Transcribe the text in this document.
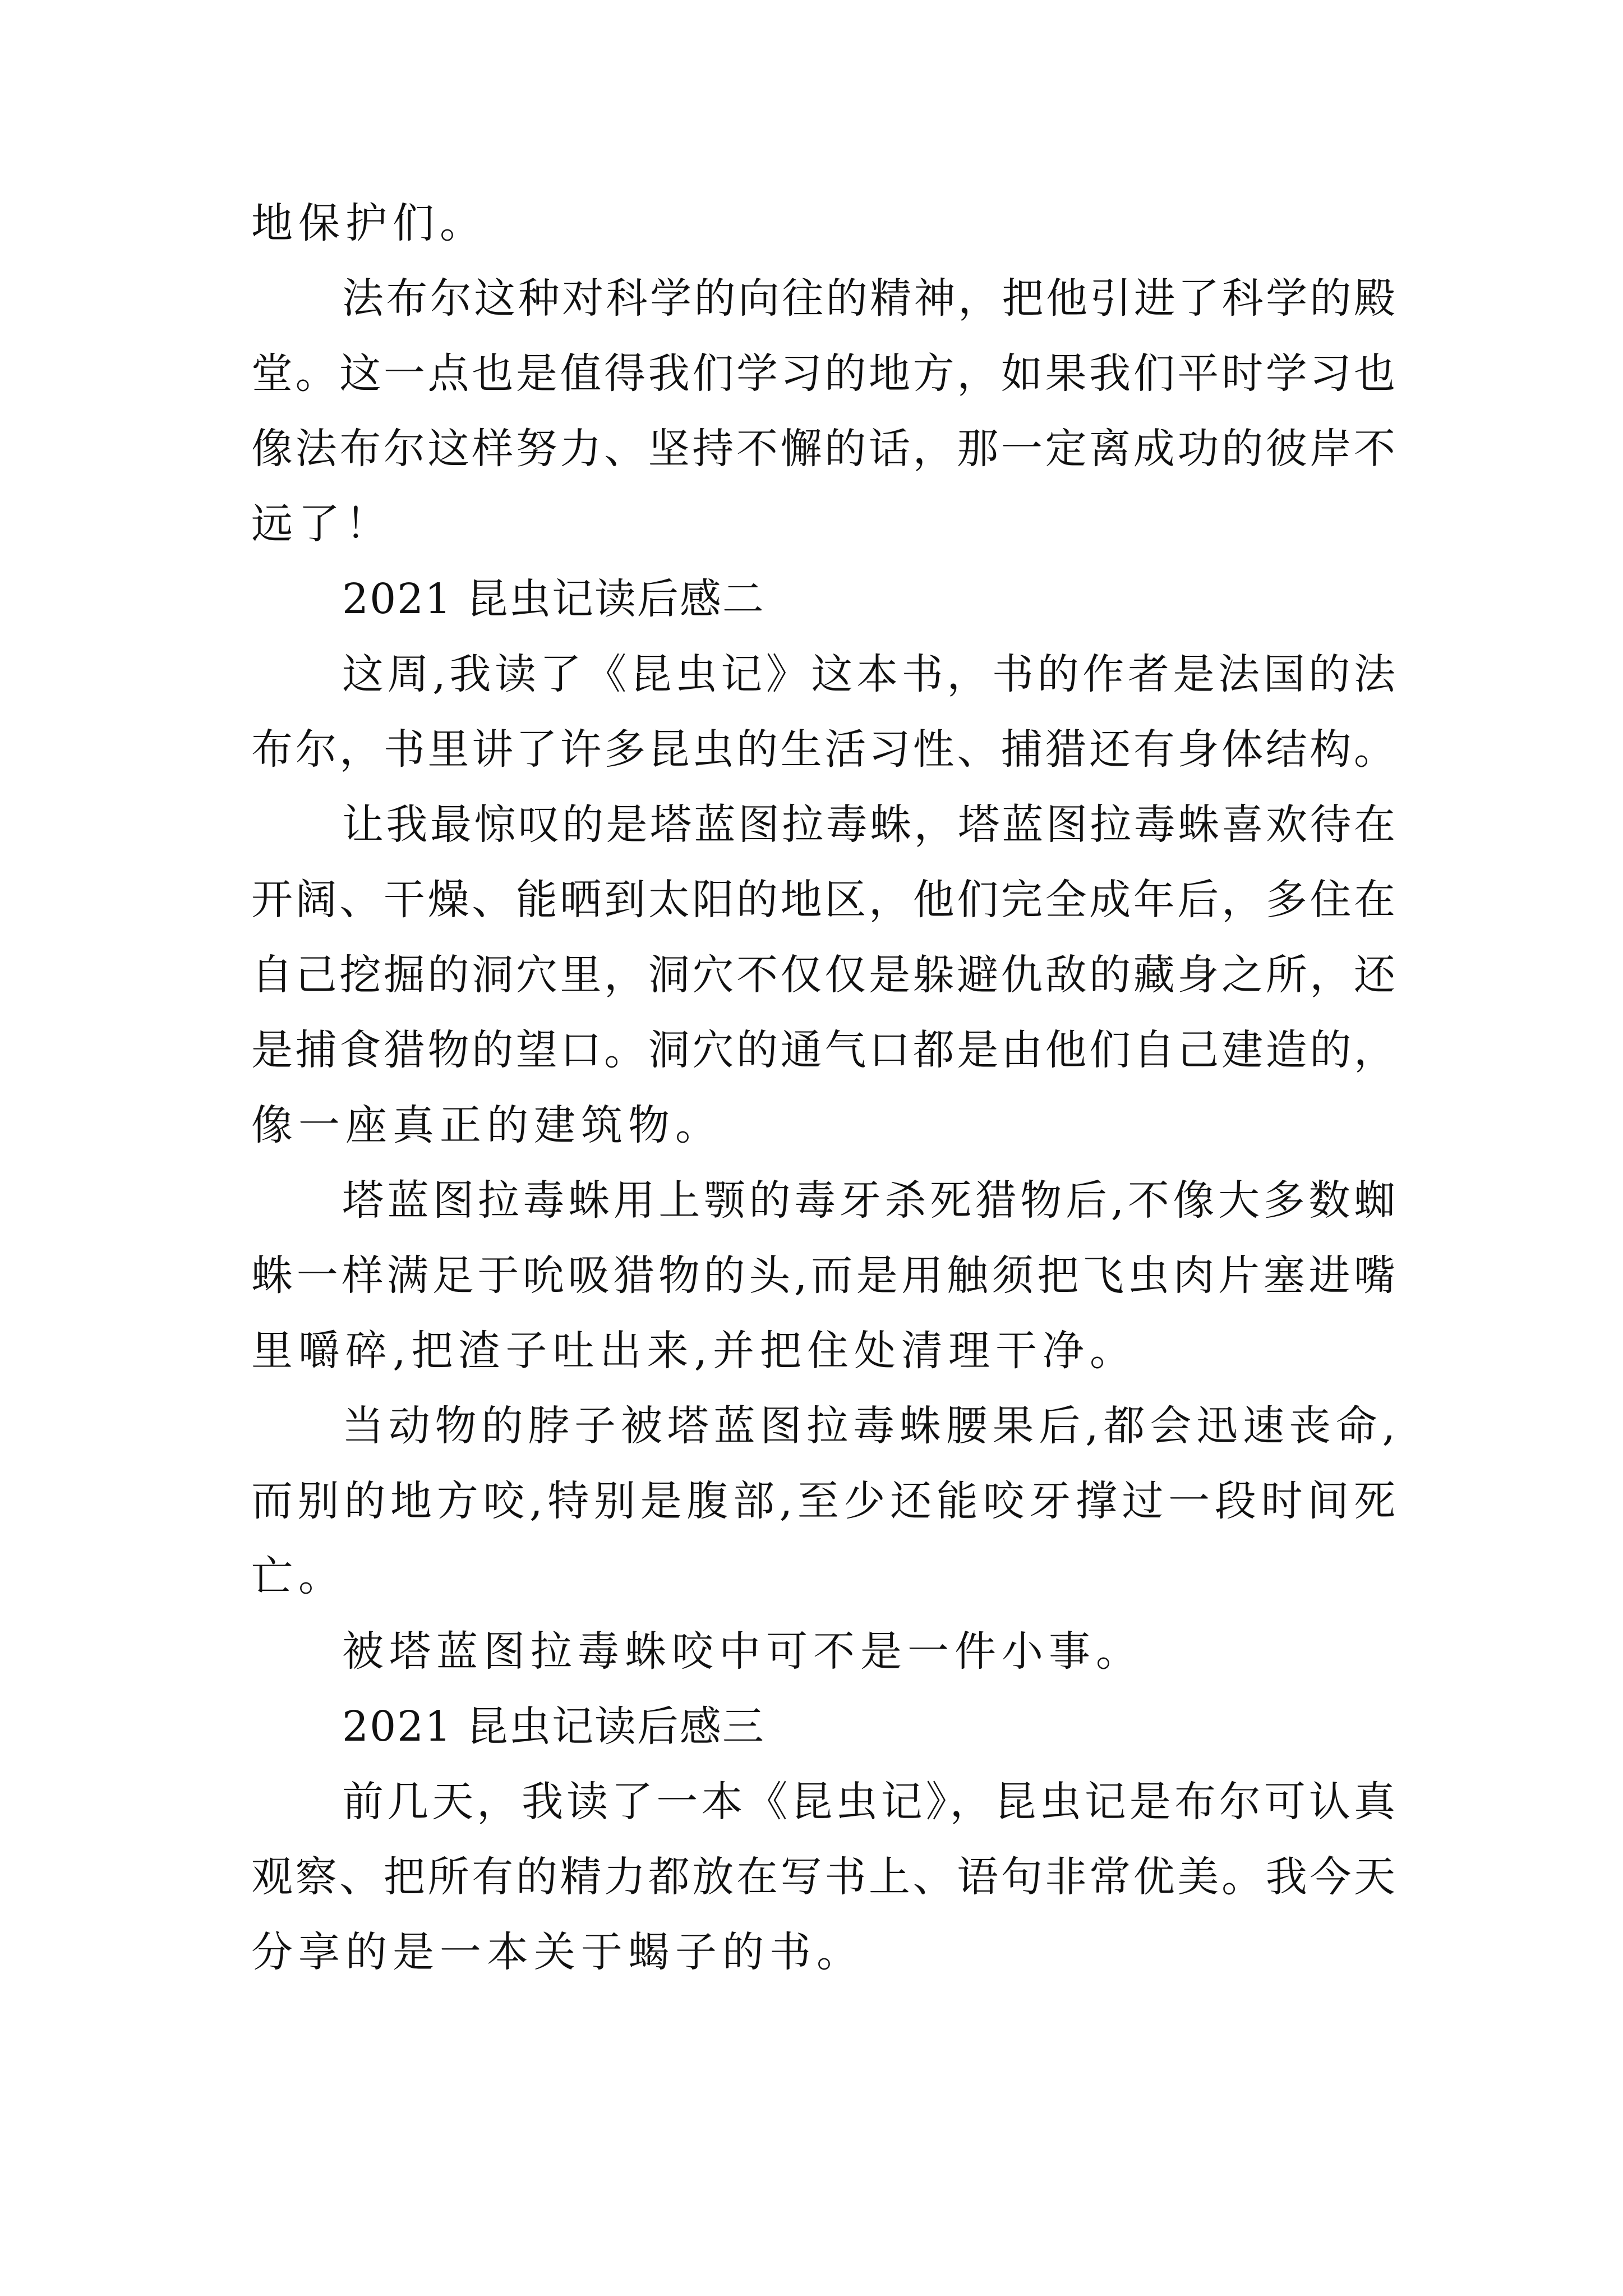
地保护们。
法布尔这种对科学的向往的精神，把他引进了科学的殿
堂。这一点也是值得我们学习的地方，如果我们平时学习也
像法布尔这样努力、坚持不懈的话，那一定离成功的彼岸不
远了！
2021 昆虫记读后感二
这周,我读了《昆虫记》这本书，书的作者是法国的法
布尔，书里讲了许多昆虫的生活习性、捕猎还有身体结构。
让我最惊叹的是塔蓝图拉毒蛛，塔蓝图拉毒蛛喜欢待在
开阔、干燥、能晒到太阳的地区，他们完全成年后，多住在
自己挖掘的洞穴里，洞穴不仅仅是躲避仇敌的藏身之所，还
是捕食猎物的望口。洞穴的通气口都是由他们自己建造的，
像一座真正的建筑物。
塔蓝图拉毒蛛用上颚的毒牙杀死猎物后,不像大多数蜘
蛛一样满足于吮吸猎物的头,而是用触须把飞虫肉片塞进嘴
里嚼碎,把渣子吐出来,并把住处清理干净。
当动物的脖子被塔蓝图拉毒蛛腰果后,都会迅速丧命,
而别的地方咬,特别是腹部,至少还能咬牙撑过一段时间死
亡。
被塔蓝图拉毒蛛咬中可不是一件小事。
2021 昆虫记读后感三
前几天，我读了一本《昆虫记》，昆虫记是布尔可认真
观察、把所有的精力都放在写书上、语句非常优美。我今天
分享的是一本关于蝎子的书。
